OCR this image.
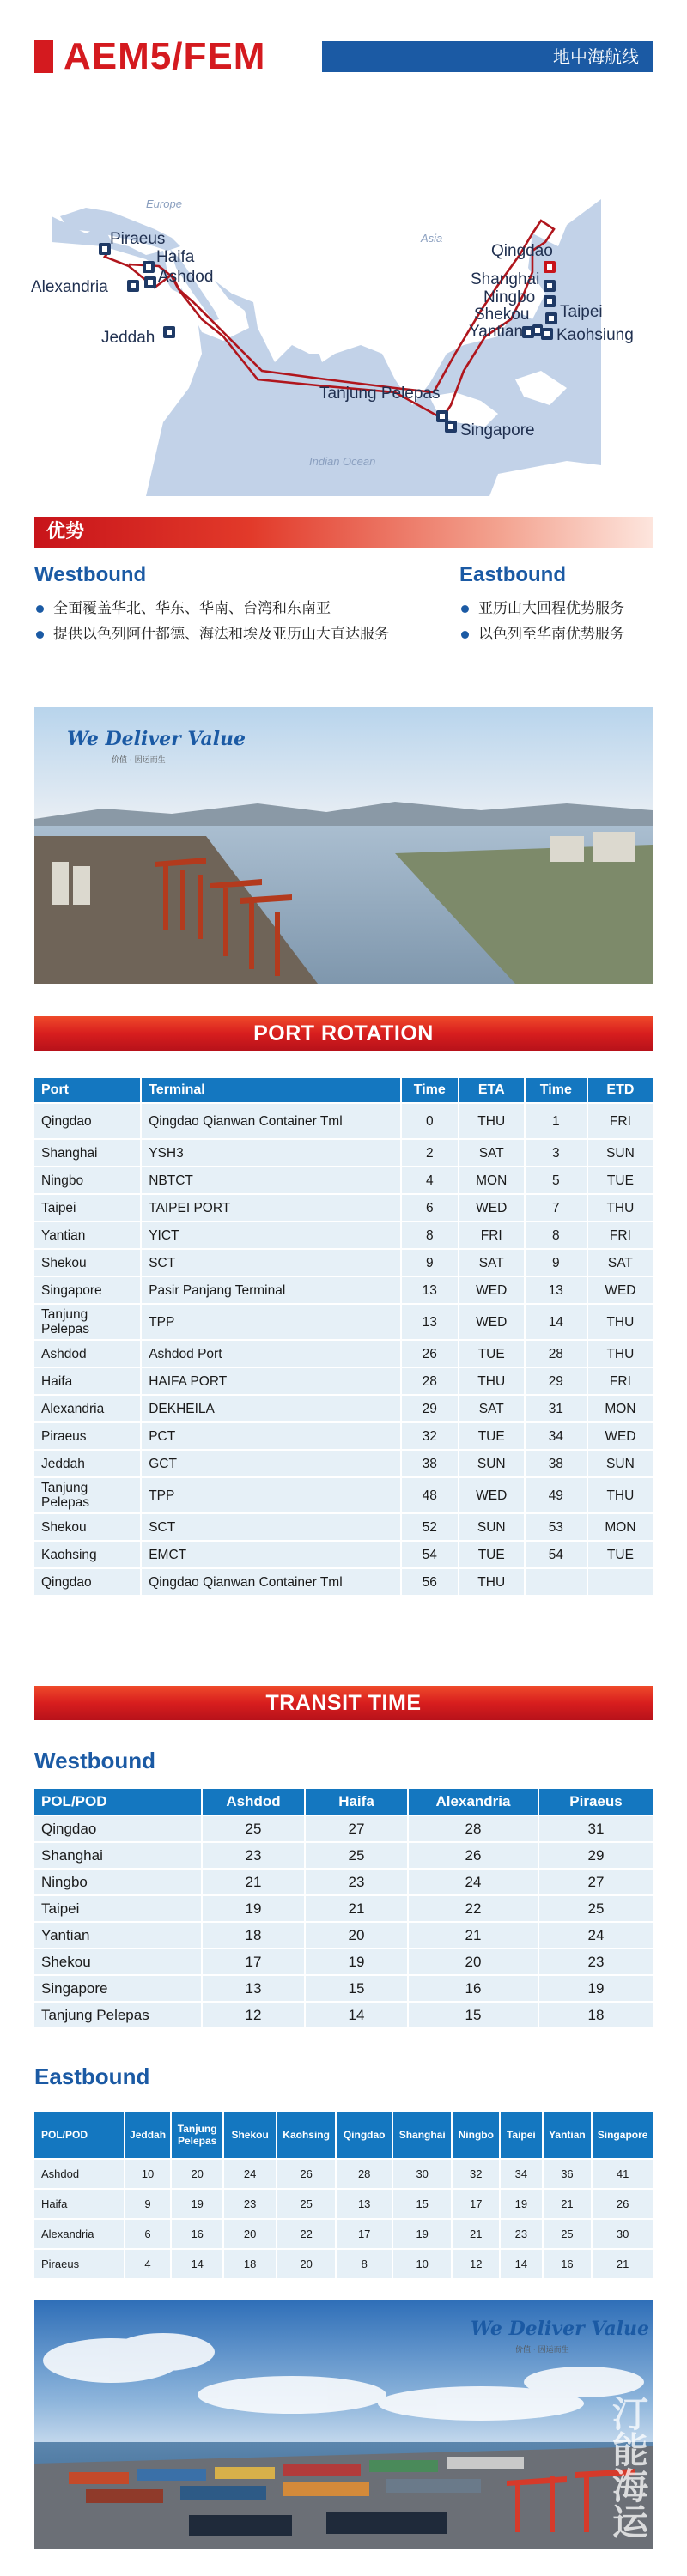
AEM5/FEM	地中海航线
Europe
Asia
Indian Ocean
Piraeus
Haifa
Ashdod
Alexandria
Jeddah
Tanjung Pelepas
Singapore
Qingdao
Shanghai
Ningbo
Shekou
Yantian
Taipei
Kaohsiung
优势
Westbound
全面覆盖华北、华东、华南、台湾和东南亚
提供以色列阿什都德、海法和埃及亚历山大直达服务
Eastbound
亚历山大回程优势服务
以色列至华南优势服务
We Deliver Value
价值 · 因运而生
PORT ROTATION
Port	Terminal	Time	ETA	Time	ETD
Qingdao	Qingdao Qianwan Container Tml	0	THU	1	FRI
Shanghai	YSH3	2	SAT	3	SUN
Ningbo	NBTCT	4	MON	5	TUE
Taipei	TAIPEI PORT	6	WED	7	THU
Yantian	YICT	8	FRI	8	FRI
Shekou	SCT	9	SAT	9	SAT
Singapore	Pasir Panjang Terminal	13	WED	13	WED
Tanjung Pelepas	TPP	13	WED	14	THU
Ashdod	Ashdod Port	26	TUE	28	THU
Haifa	HAIFA PORT	28	THU	29	FRI
Alexandria	DEKHEILA	29	SAT	31	MON
Piraeus	PCT	32	TUE	34	WED
Jeddah	GCT	38	SUN	38	SUN
Tanjung Pelepas	TPP	48	WED	49	THU
Shekou	SCT	52	SUN	53	MON
Kaohsing	EMCT	54	TUE	54	TUE
Qingdao	Qingdao Qianwan Container Tml	56	THU		
TRANSIT TIME
Westbound
POL/POD	Ashdod	Haifa	Alexandria	Piraeus
Qingdao	25	27	28	31
Shanghai	23	25	26	29
Ningbo	21	23	24	27
Taipei	19	21	22	25
Yantian	18	20	21	24
Shekou	17	19	20	23
Singapore	13	15	16	19
Tanjung Pelepas	12	14	15	18
Eastbound
POL/POD	Jeddah	Tanjung Pelepas	Shekou	Kaohsing	Qingdao	Shanghai	Ningbo	Taipei	Yantian	Singapore
Ashdod	10	20	24	26	28	30	32	34	36	41
Haifa	9	19	23	25	13	15	17	19	21	26
Alexandria	6	16	20	22	17	19	21	23	25	30
Piraeus	4	14	18	20	8	10	12	14	16	21
We Deliver Value
价值 · 因运而生
汀能海运
